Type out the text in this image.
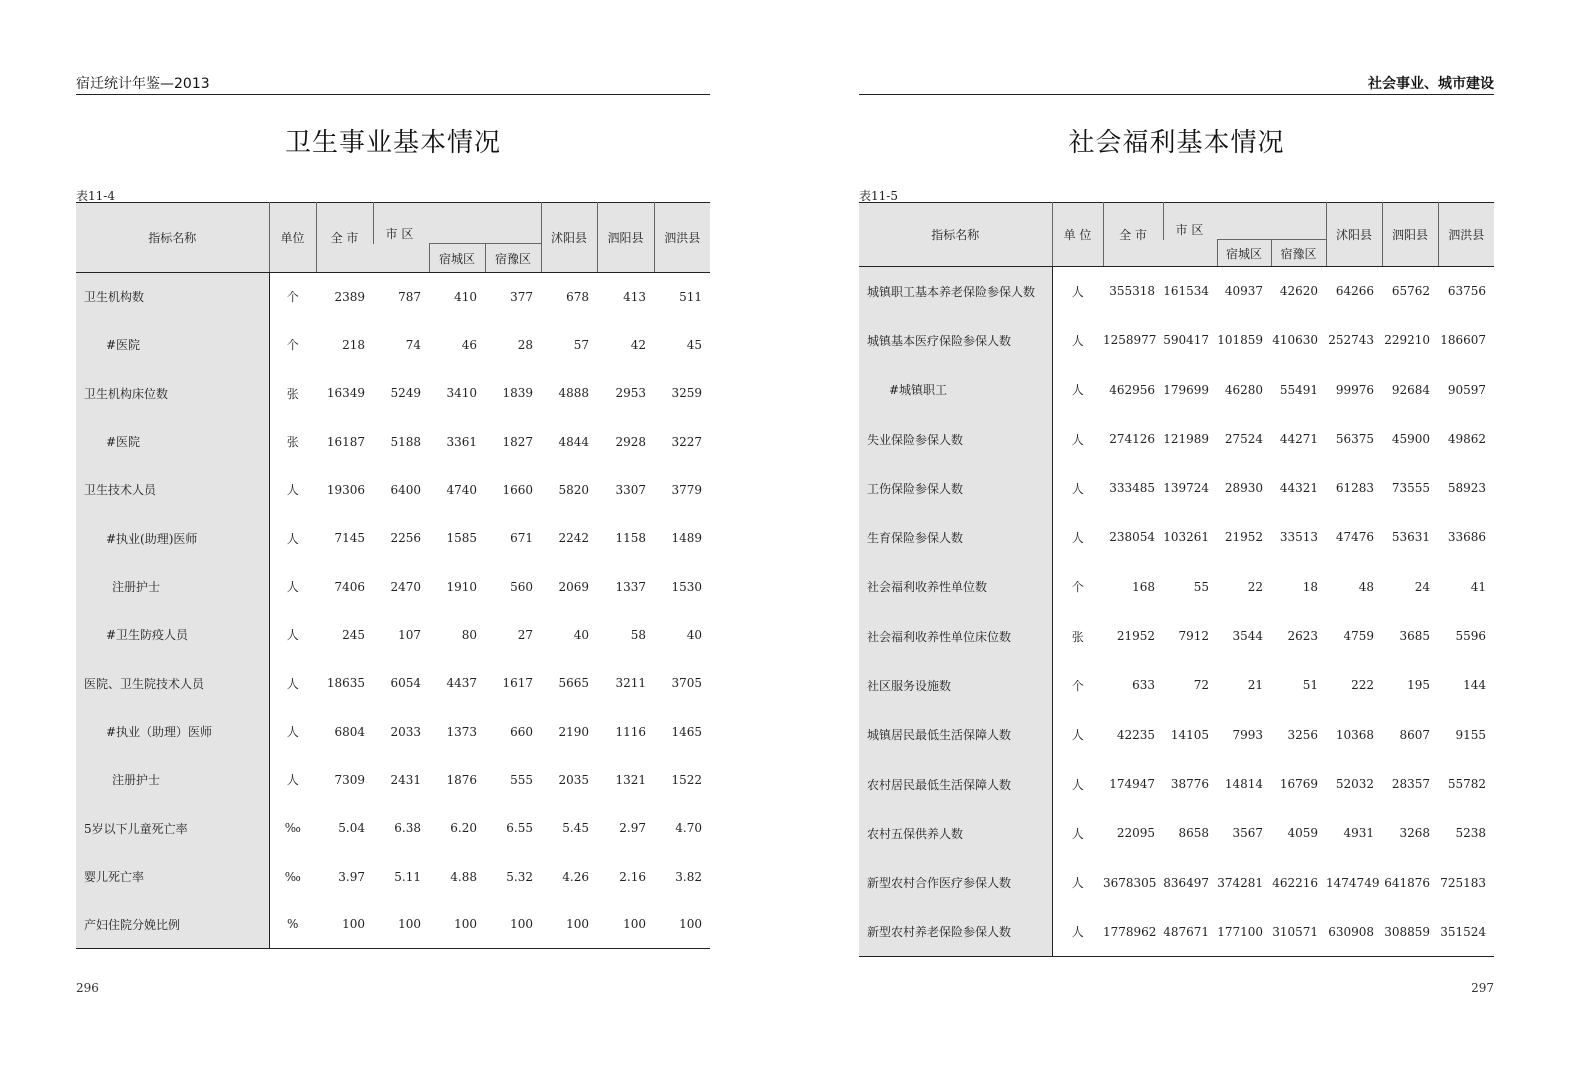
宿迁统计年鉴—2013
卫生事业基本情况
表11-4
指标名称	单位	全 市	市 区			沭阳县	泗阳县	泗洪县
				宿城区	宿豫区			
卫生机构数	个	2389	787	410	377	678	413	511
#医院	个	218	74	46	28	57	42	45
卫生机构床位数	张	16349	5249	3410	1839	4888	2953	3259
#医院	张	16187	5188	3361	1827	4844	2928	3227
卫生技术人员	人	19306	6400	4740	1660	5820	3307	3779
#执业(助理)医师	人	7145	2256	1585	671	2242	1158	1489
注册护士	人	7406	2470	1910	560	2069	1337	1530
#卫生防疫人员	人	245	107	80	27	40	58	40
医院、卫生院技术人员	人	18635	6054	4437	1617	5665	3211	3705
#执业（助理）医师	人	6804	2033	1373	660	2190	1116	1465
注册护士	人	7309	2431	1876	555	2035	1321	1522
5岁以下儿童死亡率	‰	5.04	6.38	6.20	6.55	5.45	2.97	4.70
婴儿死亡率	‰	3.97	5.11	4.88	5.32	4.26	2.16	3.82
产妇住院分娩比例	%	100	100	100	100	100	100	100
296
社会事业、城市建设
社会福利基本情况
表11-5
指标名称	单 位	全 市	市 区			沭阳县	泗阳县	泗洪县
				宿城区	宿豫区			
城镇职工基本养老保险参保人数	人	355318	161534	40937	42620	64266	65762	63756
城镇基本医疗保险参保人数	人	1258977	590417	101859	410630	252743	229210	186607
#城镇职工	人	462956	179699	46280	55491	99976	92684	90597
失业保险参保人数	人	274126	121989	27524	44271	56375	45900	49862
工伤保险参保人数	人	333485	139724	28930	44321	61283	73555	58923
生育保险参保人数	人	238054	103261	21952	33513	47476	53631	33686
社会福利收养性单位数	个	168	55	22	18	48	24	41
社会福利收养性单位床位数	张	21952	7912	3544	2623	4759	3685	5596
社区服务设施数	个	633	72	21	51	222	195	144
城镇居民最低生活保障人数	人	42235	14105	7993	3256	10368	8607	9155
农村居民最低生活保障人数	人	174947	38776	14814	16769	52032	28357	55782
农村五保供养人数	人	22095	8658	3567	4059	4931	3268	5238
新型农村合作医疗参保人数	人	3678305	836497	374281	462216	1474749	641876	725183
新型农村养老保险参保人数	人	1778962	487671	177100	310571	630908	308859	351524
297
